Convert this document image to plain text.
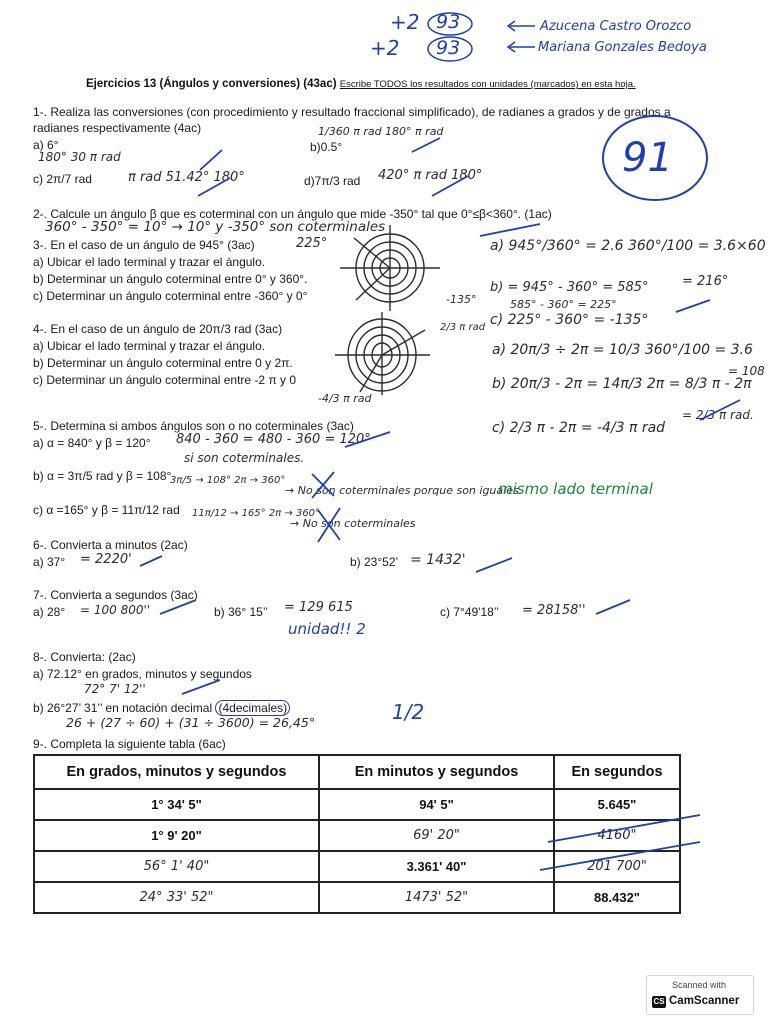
+2 93	Azucena Castro Orozco
+2 93	Mariana Gonzales Bedoya
Ejercicios 13 (Ángulos y conversiones) (43ac) Escribe TODOS los resultados con unidades (marcados) en esta hoja.
91
1-. Realiza las conversiones (con procedimiento y resultado fraccional simplificado), de radianes a grados y de grados a
radianes respectivamente (4ac)
a) 6°
180° 30 π rad
b)0.5°
1/360 π rad 180° π rad
c) 2π/7 rad	π rad 51.42° 180°	d)7π/3 rad 420° π rad 180°
2-. Calcule un ángulo β que es coterminal con un ángulo que mide -350° tal que 0°≤β<360°. (1ac)
360° - 350° = 10° → 10° y -350° son coterminales
3-. En el caso de un ángulo de 945° (3ac)
a) Ubicar el lado terminal y trazar el ángulo.
b) Determinar un ángulo coterminal entre 0° y 360°.
c) Determinar un ángulo coterminal entre -360° y 0°
225°
-135°
a) 945°/360° = 2.6 360°/100 = 3.6×60
= 216°
b) = 945° - 360° = 585°
585° - 360° = 225°
c) 225° - 360° = -135°
4-. En el caso de un ángulo de 20π/3 rad (3ac)
a) Ubicar el lado terminal y trazar el ángulo.
b) Determinar un ángulo coterminal entre 0 y 2π.
c) Determinar un ángulo coterminal entre -2 π y 0
2/3 π rad
-4/3 π rad
a) 20π/3 ÷ 2π = 10/3 360°/100 = 3.6
= 108
b) 20π/3 - 2π = 14π/3 2π = 8/3 π - 2π
= 2/3 π rad.
c) 2/3 π - 2π = -4/3 π rad
5-. Determina si ambos ángulos son o no coterminales (3ac)
a) α = 840° y β = 120° 840 - 360 = 480 - 360 = 120°
si son coterminales.
b) α = 3π/5 rad y β = 108°
3π/5 → 108° 2π → 360°
→ No son coterminales porque son iguales.
mismo lado terminal
c) α =165° y β = 11π/12 rad 11π/12 → 165° 2π → 360°
→ No son coterminales
6-. Convierta a minutos (2ac)
a) 37° = 2220'	b) 23°52’ = 1432'
7-. Convierta a segundos (3ac)
a) 28° = 100 800''	b) 36° 15’’ = 129 615
unidad!! 2
c) 7°49'18’’ = 28158''
8-. Convierta: (2ac)
a) 72.12° en grados, minutos y segundos
72° 7' 12''
b) 26°27’ 31’’ en notación decimal (4decimales)
26 + (27 ÷ 60) + (31 ÷ 3600) = 26,45°	1/2
9-. Completa la siguiente tabla (6ac)
En grados, minutos y segundos	En minutos y segundos	En segundos
1° 34' 5"	94' 5"	5.645"
1° 9' 20"	69' 20"	4160"
56° 1' 40"	3.361' 40"	201 700"
24° 33' 52"	1473' 52"	88.432"
Scanned with
CS CamScanner
